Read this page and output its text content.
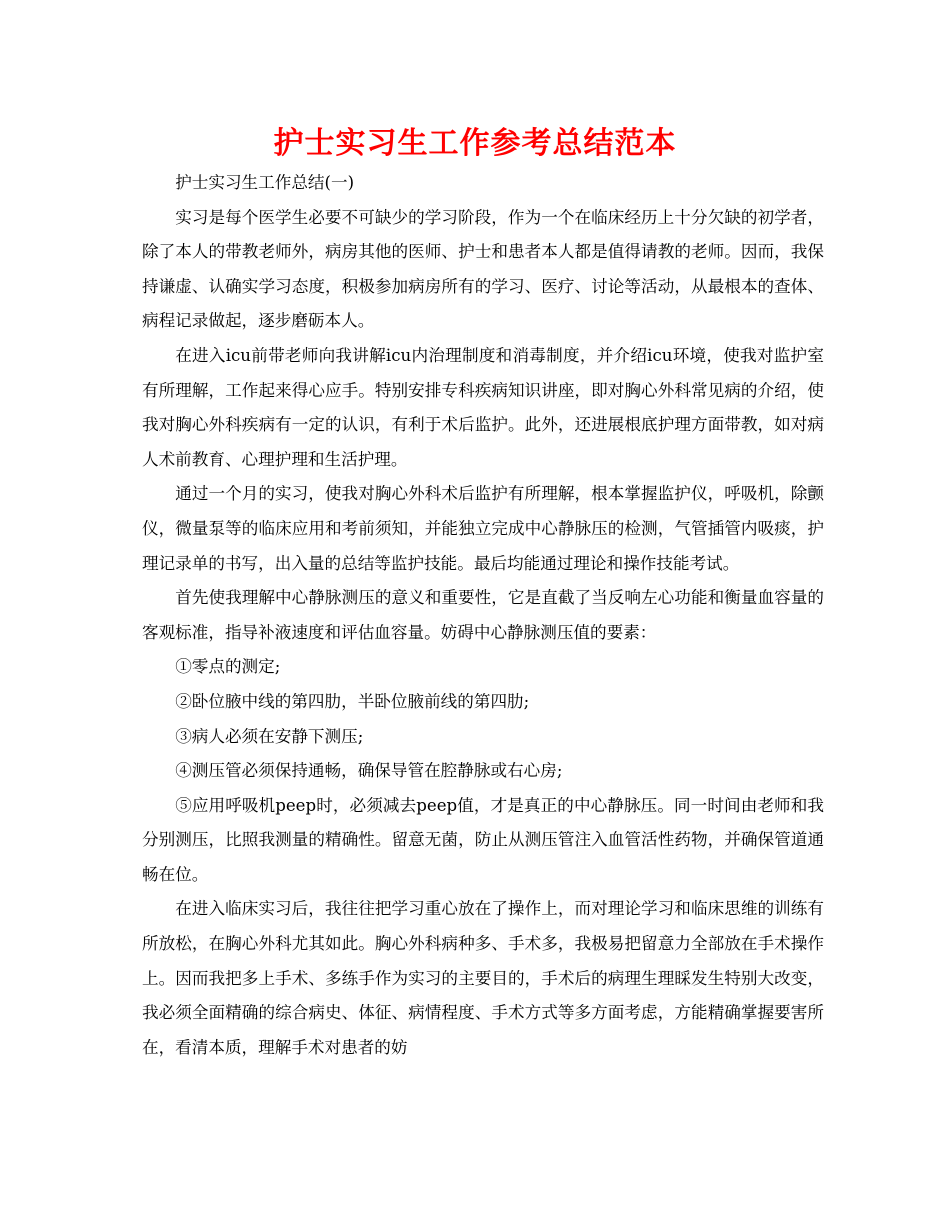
护士实习生工作参考总结范本

护士实习生工作总结(一)

实习是每个医学生必要不可缺少的学习阶段，作为一个在临床经历上十分欠缺的初学者，除了本人的带教老师外，病房其他的医师、护士和患者本人都是值得请教的老师。因而，我保持谦虚、认确实学习态度，积极参加病房所有的学习、医疗、讨论等活动，从最根本的查体、病程记录做起，逐步磨砺本人。

在进入icu前带老师向我讲解icu内治理制度和消毒制度，并介绍icu环境，使我对监护室有所理解，工作起来得心应手。特别安排专科疾病知识讲座，即对胸心外科常见病的介绍，使我对胸心外科疾病有一定的认识，有利于术后监护。此外，还进展根底护理方面带教，如对病人术前教育、心理护理和生活护理。

通过一个月的实习，使我对胸心外科术后监护有所理解，根本掌握监护仪，呼吸机，除颤仪，微量泵等的临床应用和考前须知，并能独立完成中心静脉压的检测，气管插管内吸痰，护理记录单的书写，出入量的总结等监护技能。最后均能通过理论和操作技能考试。

首先使我理解中心静脉测压的意义和重要性，它是直截了当反响左心功能和衡量血容量的客观标准，指导补液速度和评估血容量。妨碍中心静脉测压值的要素：

①零点的测定;

②卧位腋中线的第四肋，半卧位腋前线的第四肋;

③病人必须在安静下测压;

④测压管必须保持通畅，确保导管在腔静脉或右心房;

⑤应用呼吸机peep时，必须减去peep值，才是真正的中心静脉压。同一时间由老师和我分别测压，比照我测量的精确性。留意无菌，防止从测压管注入血管活性药物，并确保管道通畅在位。

在进入临床实习后，我往往把学习重心放在了操作上，而对理论学习和临床思维的训练有所放松，在胸心外科尤其如此。胸心外科病种多、手术多，我极易把留意力全部放在手术操作上。因而我把多上手术、多练手作为实习的主要目的，手术后的病理生理睬发生特别大改变，我必须全面精确的综合病史、体征、病情程度、手术方式等多方面考虑，方能精确掌握要害所在，看清本质，理解手术对患者的妨
